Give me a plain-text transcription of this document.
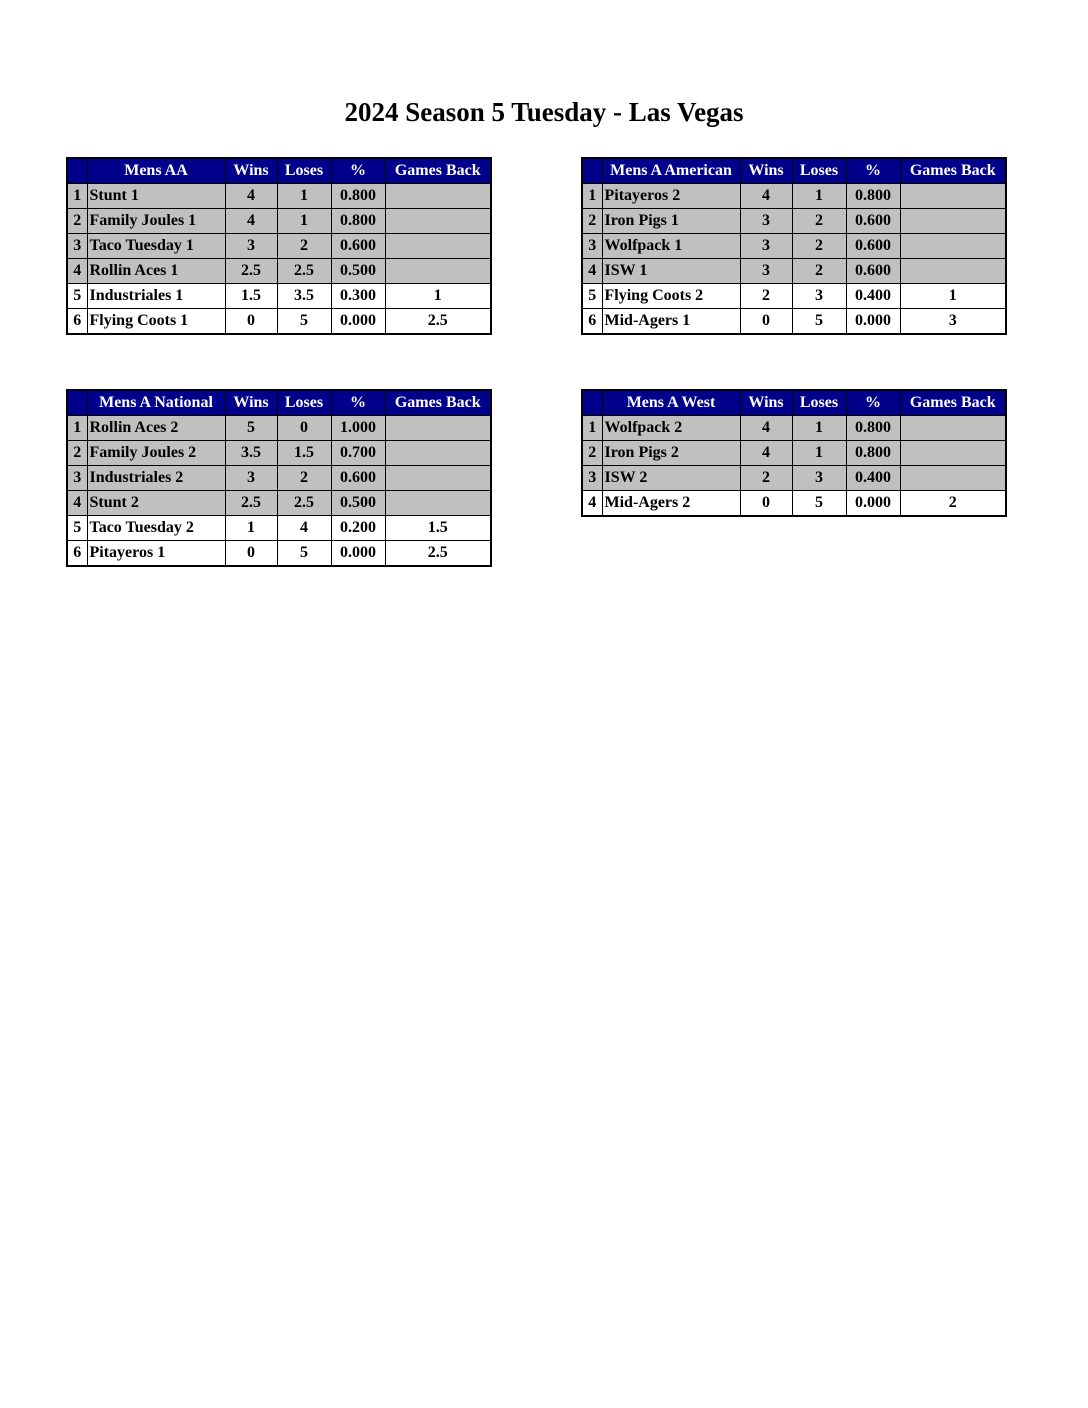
2024 Season 5 Tuesday - Las Vegas
	Mens AA	Wins	Loses	%	Games Back
1	Stunt 1	4	1	0.800	
2	Family Joules 1	4	1	0.800	
3	Taco Tuesday 1	3	2	0.600	
4	Rollin Aces 1	2.5	2.5	0.500	
5	Industriales 1	1.5	3.5	0.300	1
6	Flying Coots 1	0	5	0.000	2.5
	Mens A American	Wins	Loses	%	Games Back
1	Pitayeros 2	4	1	0.800	
2	Iron Pigs 1	3	2	0.600	
3	Wolfpack 1	3	2	0.600	
4	ISW 1	3	2	0.600	
5	Flying Coots 2	2	3	0.400	1
6	Mid-Agers 1	0	5	0.000	3
	Mens A National	Wins	Loses	%	Games Back
1	Rollin Aces 2	5	0	1.000	
2	Family Joules 2	3.5	1.5	0.700	
3	Industriales 2	3	2	0.600	
4	Stunt 2	2.5	2.5	0.500	
5	Taco Tuesday 2	1	4	0.200	1.5
6	Pitayeros 1	0	5	0.000	2.5
	Mens A West	Wins	Loses	%	Games Back
1	Wolfpack 2	4	1	0.800	
2	Iron Pigs 2	4	1	0.800	
3	ISW 2	2	3	0.400	
4	Mid-Agers 2	0	5	0.000	2
